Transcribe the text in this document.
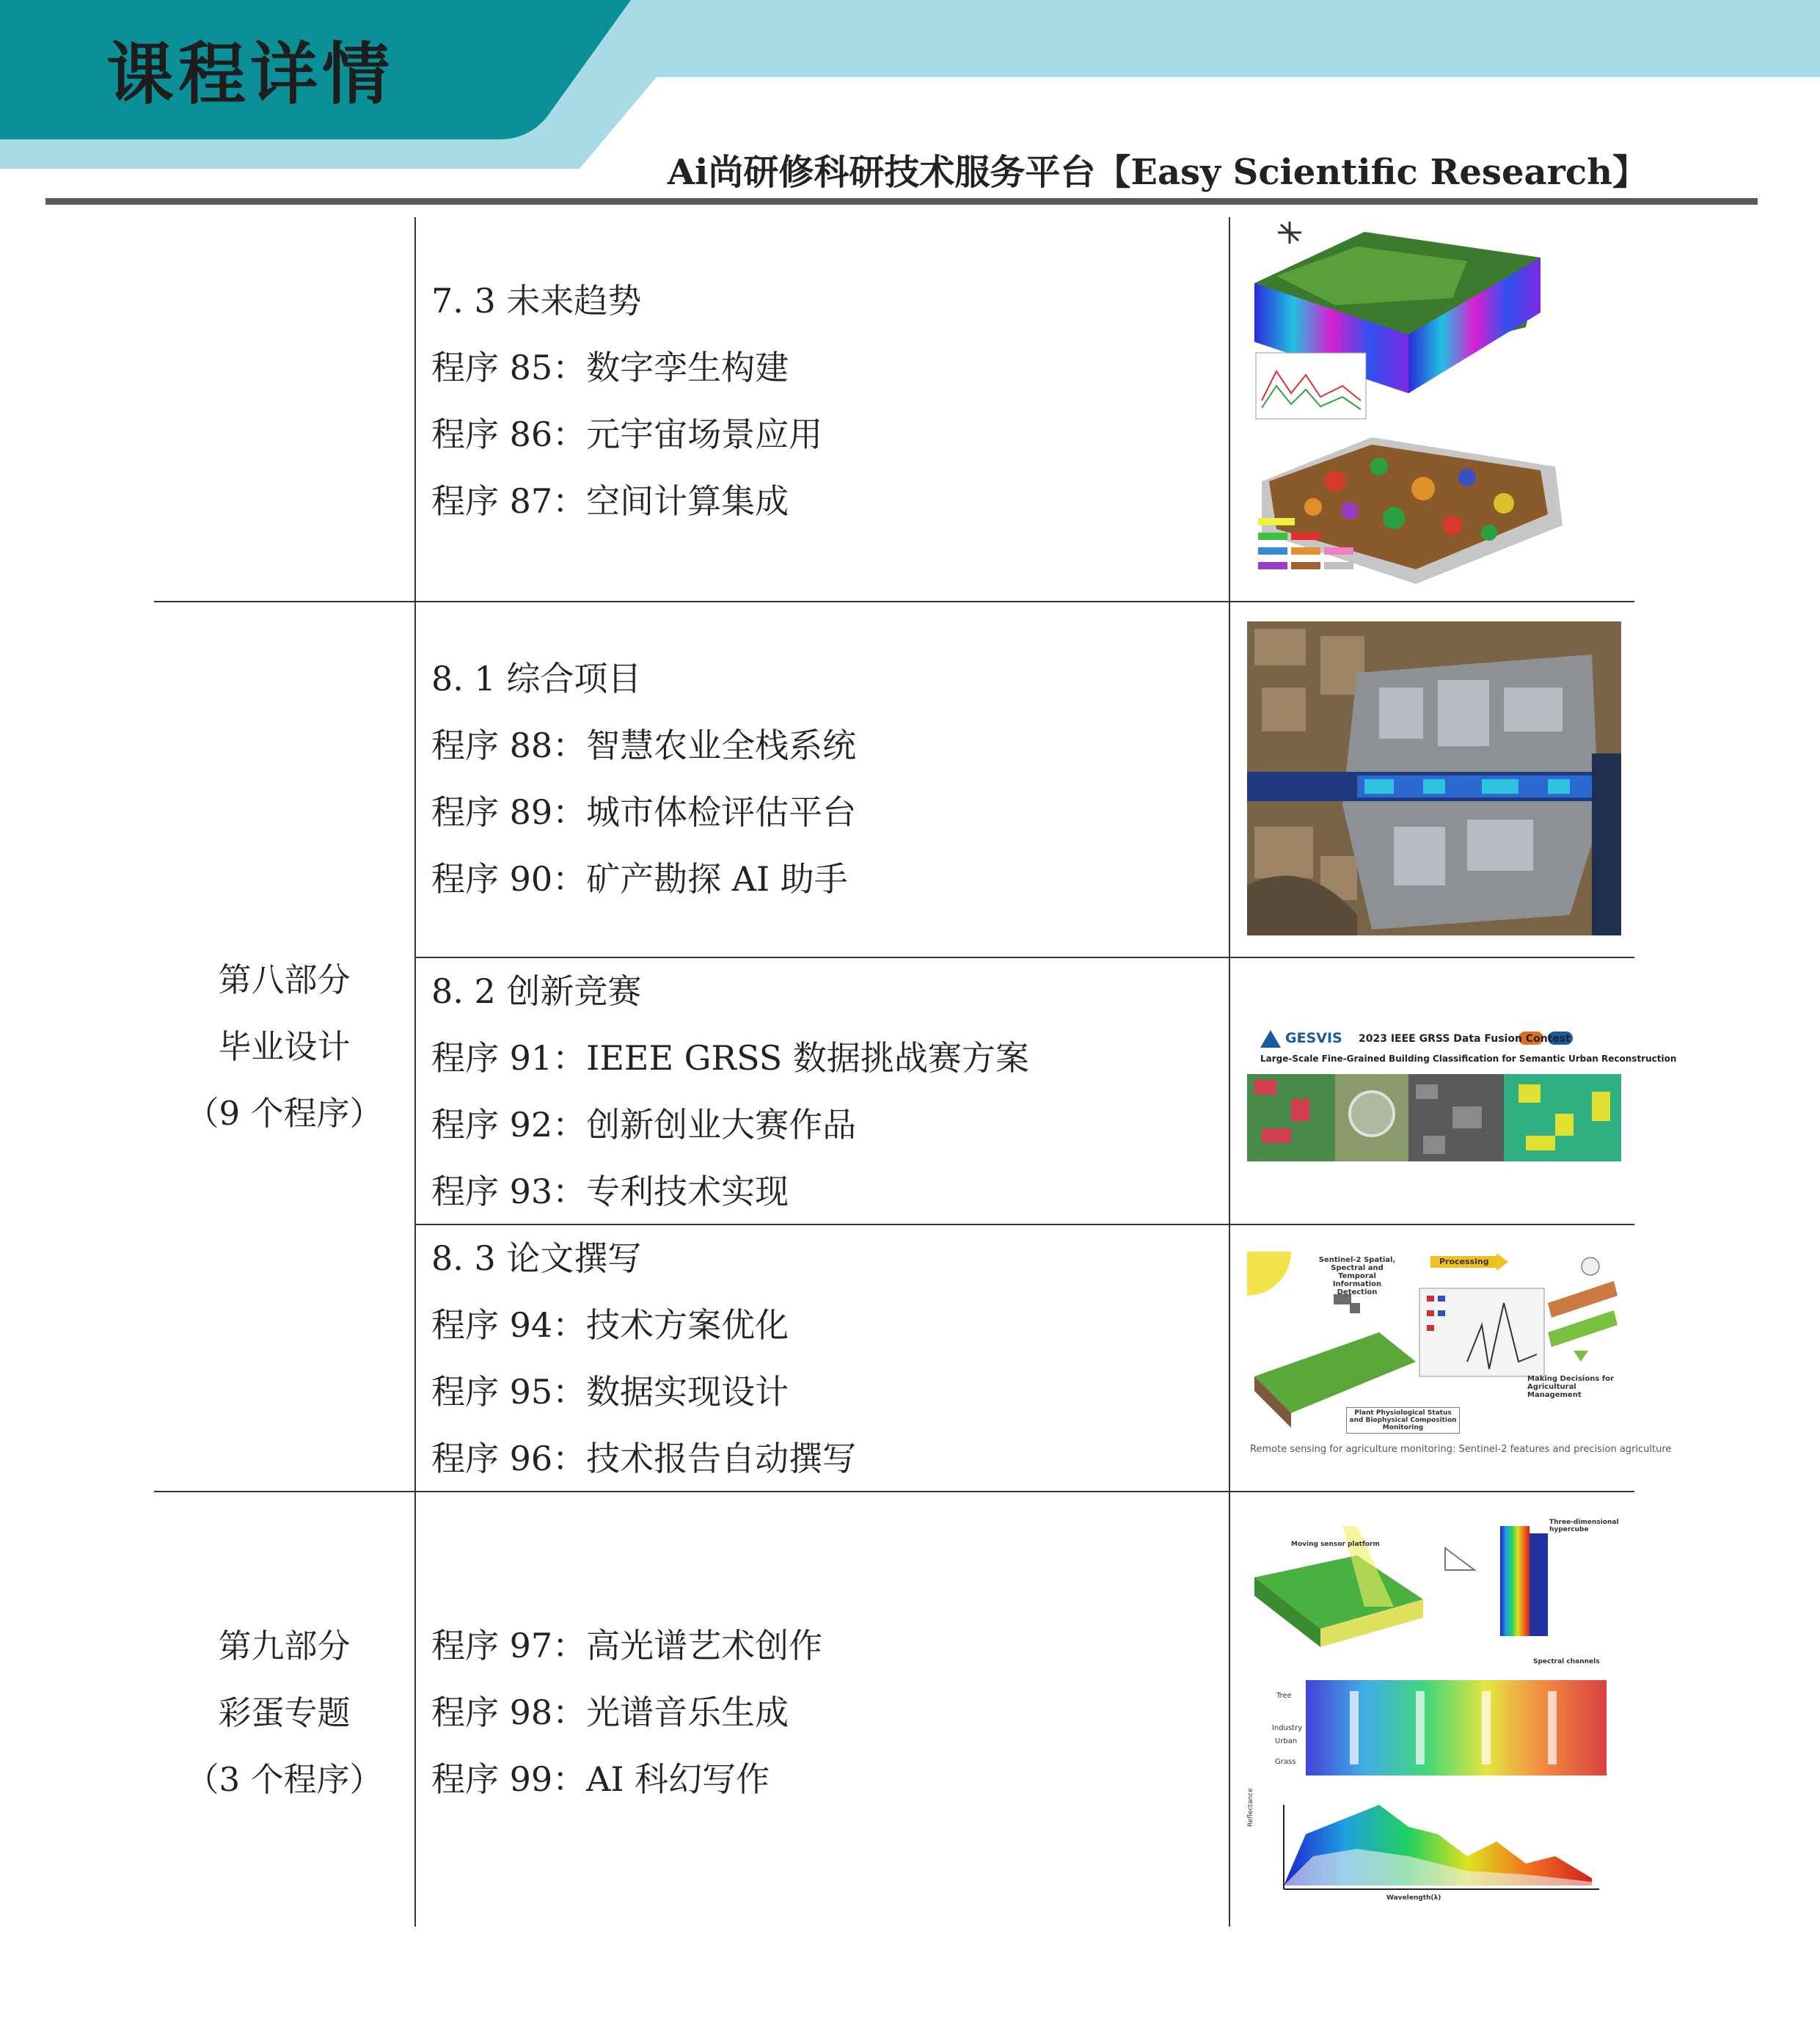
课程详情
Ai尚研修科研技术服务平台【Easy Scientific Research】
7. 3 未来趋势
程序 85：数字孪生构建
程序 86：元宇宙场景应用
程序 87：空间计算集成
第八部分
毕业设计
（9 个程序）
8. 1 综合项目
程序 88：智慧农业全栈系统
程序 89：城市体检评估平台
程序 90：矿产勘探 AI 助手
8. 2 创新竞赛
程序 91：IEEE GRSS 数据挑战赛方案
程序 92：创新创业大赛作品
程序 93：专利技术实现
GESVIS 2023 IEEE GRSS Data Fusion Contest
Large-Scale Fine-Grained Building Classification for Semantic Urban Reconstruction
8. 3 论文撰写
程序 94：技术方案优化
程序 95：数据实现设计
程序 96：技术报告自动撰写
Sentinel-2 Spatial, Spectral and Temporal Information Detection
Processing
Making Decisions for Agricultural Management
Plant Physiological Status and Biophysical Composition Monitoring
Remote sensing for agriculture monitoring: Sentinel-2 features and precision agriculture
第九部分
彩蛋专题
（3 个程序）
程序 97：高光谱艺术创作
程序 98：光谱音乐生成
程序 99：AI 科幻写作
Moving sensor platform
Three-dimensional hypercube
Spectral channels
Tree
Industry
Urban
Grass
Wavelength(λ)
Reflectance
